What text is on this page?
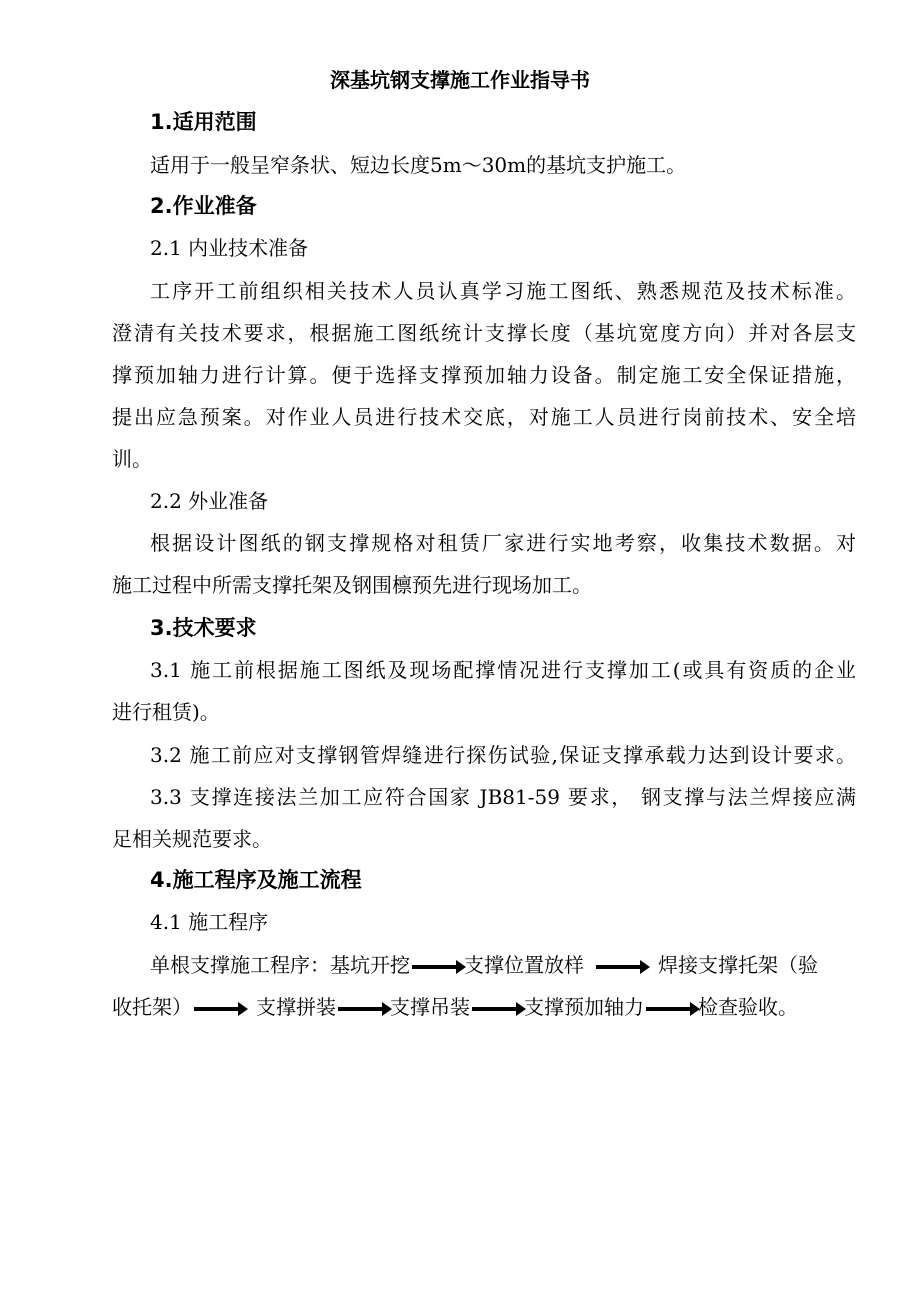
深基坑钢支撑施工作业指导书
1.适用范围
适用于一般呈窄条状、短边长度5m～30m的基坑支护施工。
2.作业准备
2.1 内业技术准备
工序开工前组织相关技术人员认真学习施工图纸、熟悉规范及技术标准。
澄清有关技术要求，根据施工图纸统计支撑长度（基坑宽度方向）并对各层支
撑预加轴力进行计算。便于选择支撑预加轴力设备。制定施工安全保证措施，
提出应急预案。对作业人员进行技术交底，对施工人员进行岗前技术、安全培
训。
2.2 外业准备
根据设计图纸的钢支撑规格对租赁厂家进行实地考察，收集技术数据。对
施工过程中所需支撑托架及钢围檩预先进行现场加工。
3.技术要求
3.1 施工前根据施工图纸及现场配撑情况进行支撑加工(或具有资质的企业
进行租赁)。
3.2 施工前应对支撑钢管焊缝进行探伤试验,保证支撑承载力达到设计要求。
3.3 支撑连接法兰加工应符合国家 JB81-59 要求， 钢支撑与法兰焊接应满
足相关规范要求。
4.施工程序及施工流程
4.1 施工程序
单根支撑施工程序：基坑开挖	支撑位置放样	焊接支撑托架（验
收托架）	支撑拼装	支撑吊装	支撑预加轴力	检查验收。
